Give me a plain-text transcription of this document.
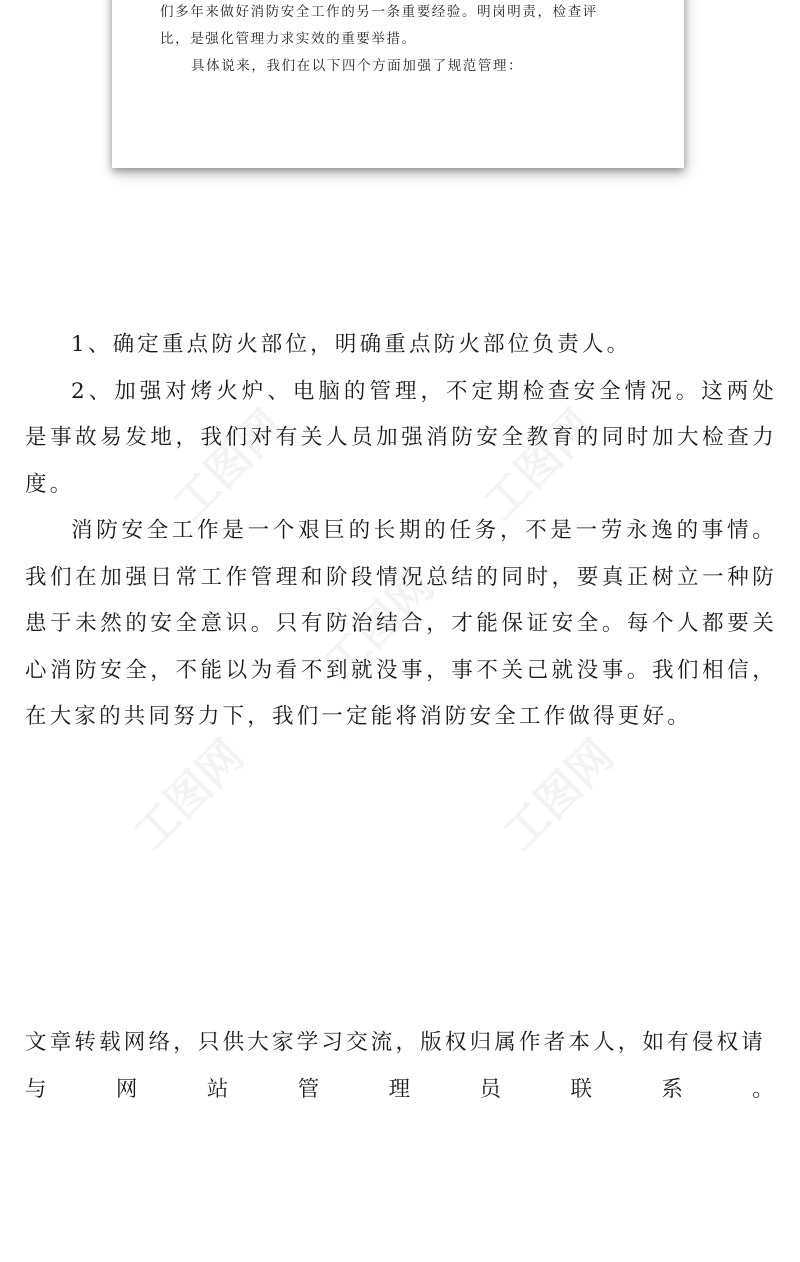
们多年来做好消防安全工作的另一条重要经验。明岗明责，检查评
比，是强化管理力求实效的重要举措。
具体说来，我们在以下四个方面加强了规范管理：
工图网	工图网
工图网
工图网	工图网

1、确定重点防火部位，明确重点防火部位负责人。

2、加强对烤火炉、电脑的管理，不定期检查安全情况。这两处是事故易发地，我们对有关人员加强消防安全教育的同时加大检查力度。

消防安全工作是一个艰巨的长期的任务，不是一劳永逸的事情。我们在加强日常工作管理和阶段情况总结的同时，要真正树立一种防患于未然的安全意识。只有防治结合，才能保证安全。每个人都要关心消防安全，不能以为看不到就没事，事不关己就没事。我们相信，在大家的共同努力下，我们一定能将消防安全工作做得更好。

文章转载网络，只供大家学习交流，版权归属作者本人，如有侵权请

与	网	站	管	理	员	联	系	。
